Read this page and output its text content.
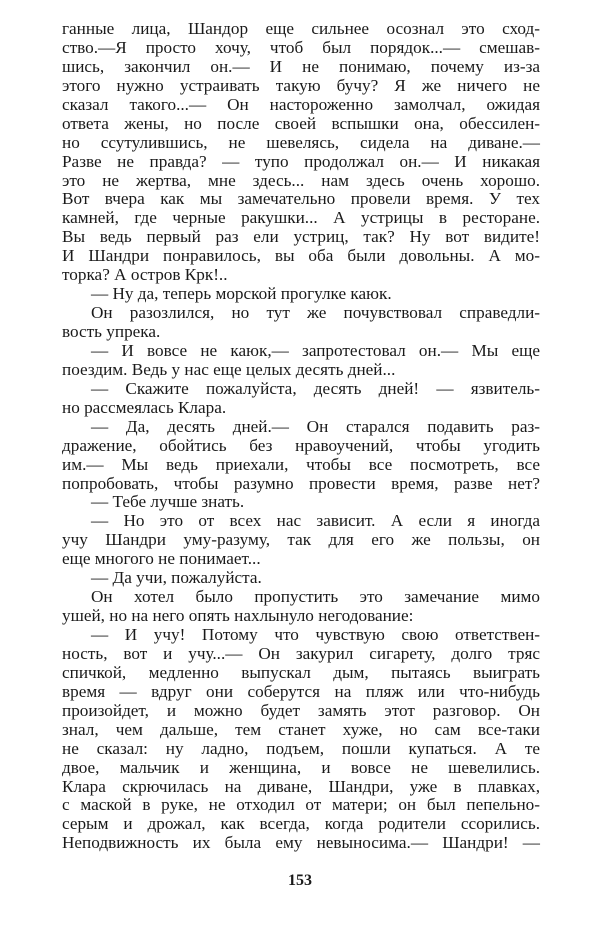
ганные лица, Шандор еще сильнее осознал это сход-
ство.—Я просто хочу, чтоб был порядок...— смешав-
шись, закончил он.— И не понимаю, почему из-за
этого нужно устраивать такую бучу? Я же ничего не
сказал такого...— Он настороженно замолчал, ожидая
ответа жены, но после своей вспышки она, обессилен-
но ссутулившись, не шевелясь, сидела на диване.—
Разве не правда? — тупо продолжал он.— И никакая
это не жертва, мне здесь... нам здесь очень хорошо.
Вот вчера как мы замечательно провели время. У тех
камней, где черные ракушки... А устрицы в ресторане.
Вы ведь первый раз ели устриц, так? Ну вот видите!
И Шандри понравилось, вы оба были довольны. А мо-
торка? А остров Крк!..
— Ну да, теперь морской прогулке каюк.
Он разозлился, но тут же почувствовал справедли-
вость упрека.
— И вовсе не каюк,— запротестовал он.— Мы еще
поездим. Ведь у нас еще целых десять дней...
— Скажите пожалуйста, десять дней! — язвитель-
но рассмеялась Клара.
— Да, десять дней.— Он старался подавить раз-
дражение, обойтись без нравоучений, чтобы угодить
им.— Мы ведь приехали, чтобы все посмотреть, все
попробовать, чтобы разумно провести время, разве нет?
— Тебе лучше знать.
— Но это от всех нас зависит. А если я иногда
учу Шандри уму-разуму, так для его же пользы, он
еще многого не понимает...
— Да учи, пожалуйста.
Он хотел было пропустить это замечание мимо
ушей, но на него опять нахлынуло негодование:
— И учу! Потому что чувствую свою ответствен-
ность, вот и учу...— Он закурил сигарету, долго тряс
спичкой, медленно выпускал дым, пытаясь выиграть
время — вдруг они соберутся на пляж или что-нибудь
произойдет, и можно будет замять этот разговор. Он
знал, чем дальше, тем станет хуже, но сам все-таки
не сказал: ну ладно, подъем, пошли купаться. А те
двое, мальчик и женщина, и вовсе не шевелились.
Клара скрючилась на диване, Шандри, уже в плавках,
с маской в руке, не отходил от матери; он был пепельно-
серым и дрожал, как всегда, когда родители ссорились.
Неподвижность их была ему невыносима.— Шандри! —
153
